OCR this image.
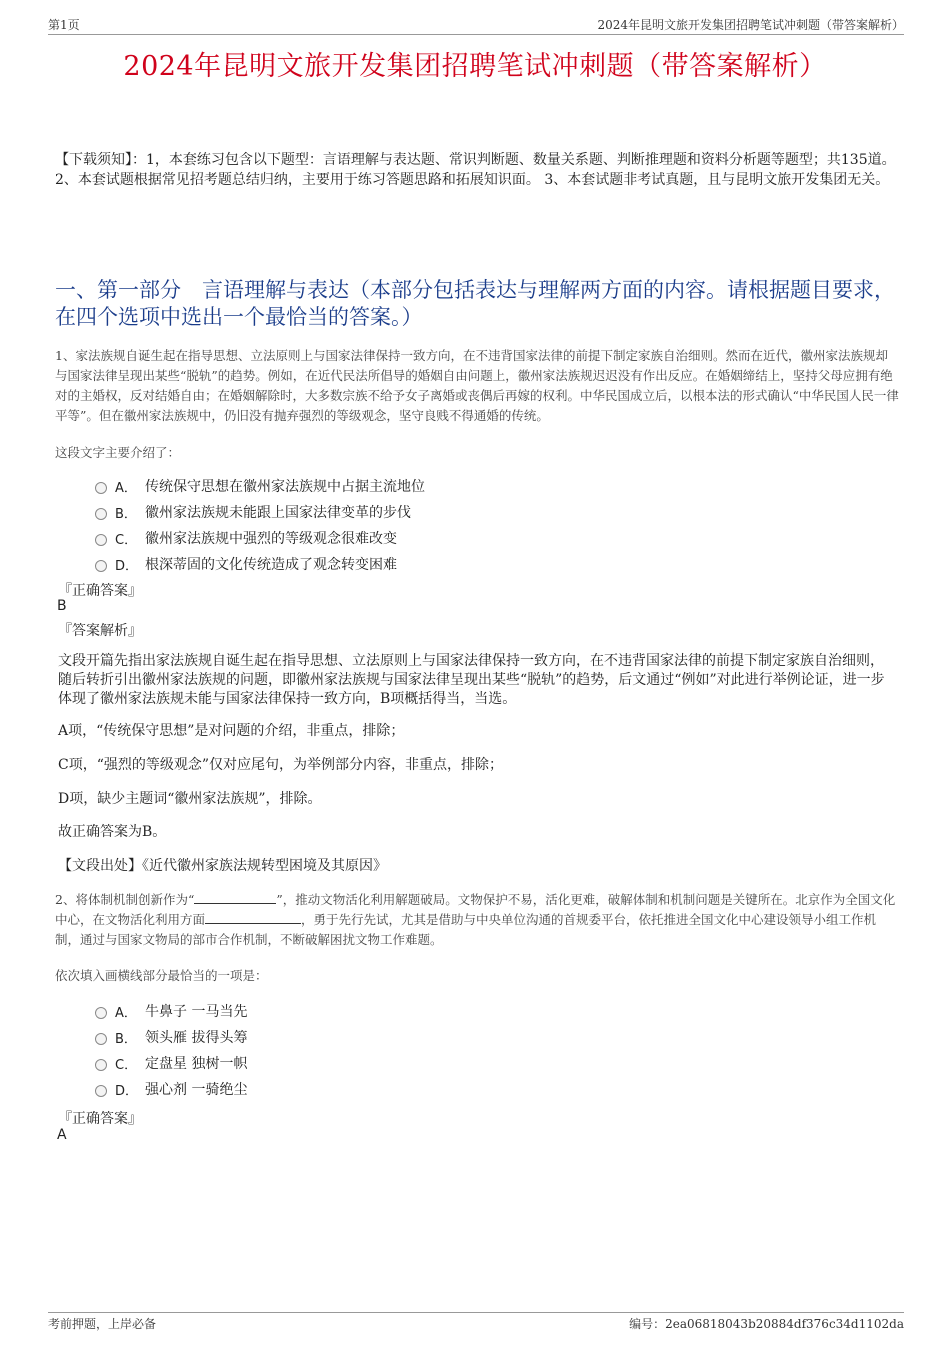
第1页	2024年昆明文旅开发集团招聘笔试冲刺题（带答案解析）
2024年昆明文旅开发集团招聘笔试冲刺题（带答案解析）
【下载须知】：1，本套练习包含以下题型：言语理解与表达题、常识判断题、数量关系题、判断推理题和资料分析题等题型；共135道。 2、本套试题根据常见招考题总结归纳，主要用于练习答题思路和拓展知识面。 3、本套试题非考试真题，且与昆明文旅开发集团无关。
一、第一部分　言语理解与表达（本部分包括表达与理解两方面的内容。请根据题目要求，在四个选项中选出一个最恰当的答案。）
1、家法族规自诞生起在指导思想、立法原则上与国家法律保持一致方向，在不违背国家法律的前提下制定家族自治细则。然而在近代，徽州家法族规却与国家法律呈现出某些“脱轨”的趋势。例如，在近代民法所倡导的婚姻自由问题上，徽州家法族规迟迟没有作出反应。在婚姻缔结上，坚持父母应拥有绝对的主婚权，反对结婚自由；在婚姻解除时，大多数宗族不给予女子离婚或丧偶后再嫁的权利。中华民国成立后，以根本法的形式确认“中华民国人民一律平等”。但在徽州家法族规中，仍旧没有抛弃强烈的等级观念，坚守良贱不得通婚的传统。
这段文字主要介绍了：
A． 传统保守思想在徽州家法族规中占据主流地位
B． 徽州家法族规未能跟上国家法律变革的步伐
C． 徽州家法族规中强烈的等级观念很难改变
D． 根深蒂固的文化传统造成了观念转变困难
『正确答案』
B
『答案解析』
文段开篇先指出家法族规自诞生起在指导思想、立法原则上与国家法律保持一致方向，在不违背国家法律的前提下制定家族自治细则，随后转折引出徽州家法族规的问题，即徽州家法族规与国家法律呈现出某些“脱轨”的趋势，后文通过“例如”对此进行举例论证，进一步体现了徽州家法族规未能与国家法律保持一致方向，B项概括得当，当选。
A项，“传统保守思想”是对问题的介绍，非重点，排除；
C项，“强烈的等级观念”仅对应尾句，为举例部分内容，非重点，排除；
D项，缺少主题词“徽州家法族规”，排除。
故正确答案为B。
【文段出处】《近代徽州家族法规转型困境及其原因》
2、将体制机制创新作为“	”，推动文物活化利用解题破局。文物保护不易，活化更难，破解体制和机制问题是关键所在。北京作为全国文化中心，在文物活化利用方面	，勇于先行先试，尤其是借助与中央单位沟通的首规委平台，依托推进全国文化中心建设领导小组工作机制，通过与国家文物局的部市合作机制，不断破解困扰文物工作难题。
依次填入画横线部分最恰当的一项是：
A． 牛鼻子 一马当先
B． 领头雁 拔得头筹
C． 定盘星 独树一帜
D． 强心剂 一骑绝尘
『正确答案』
A
考前押题，上岸必备	编号：2ea06818043b20884df376c34d1102da
